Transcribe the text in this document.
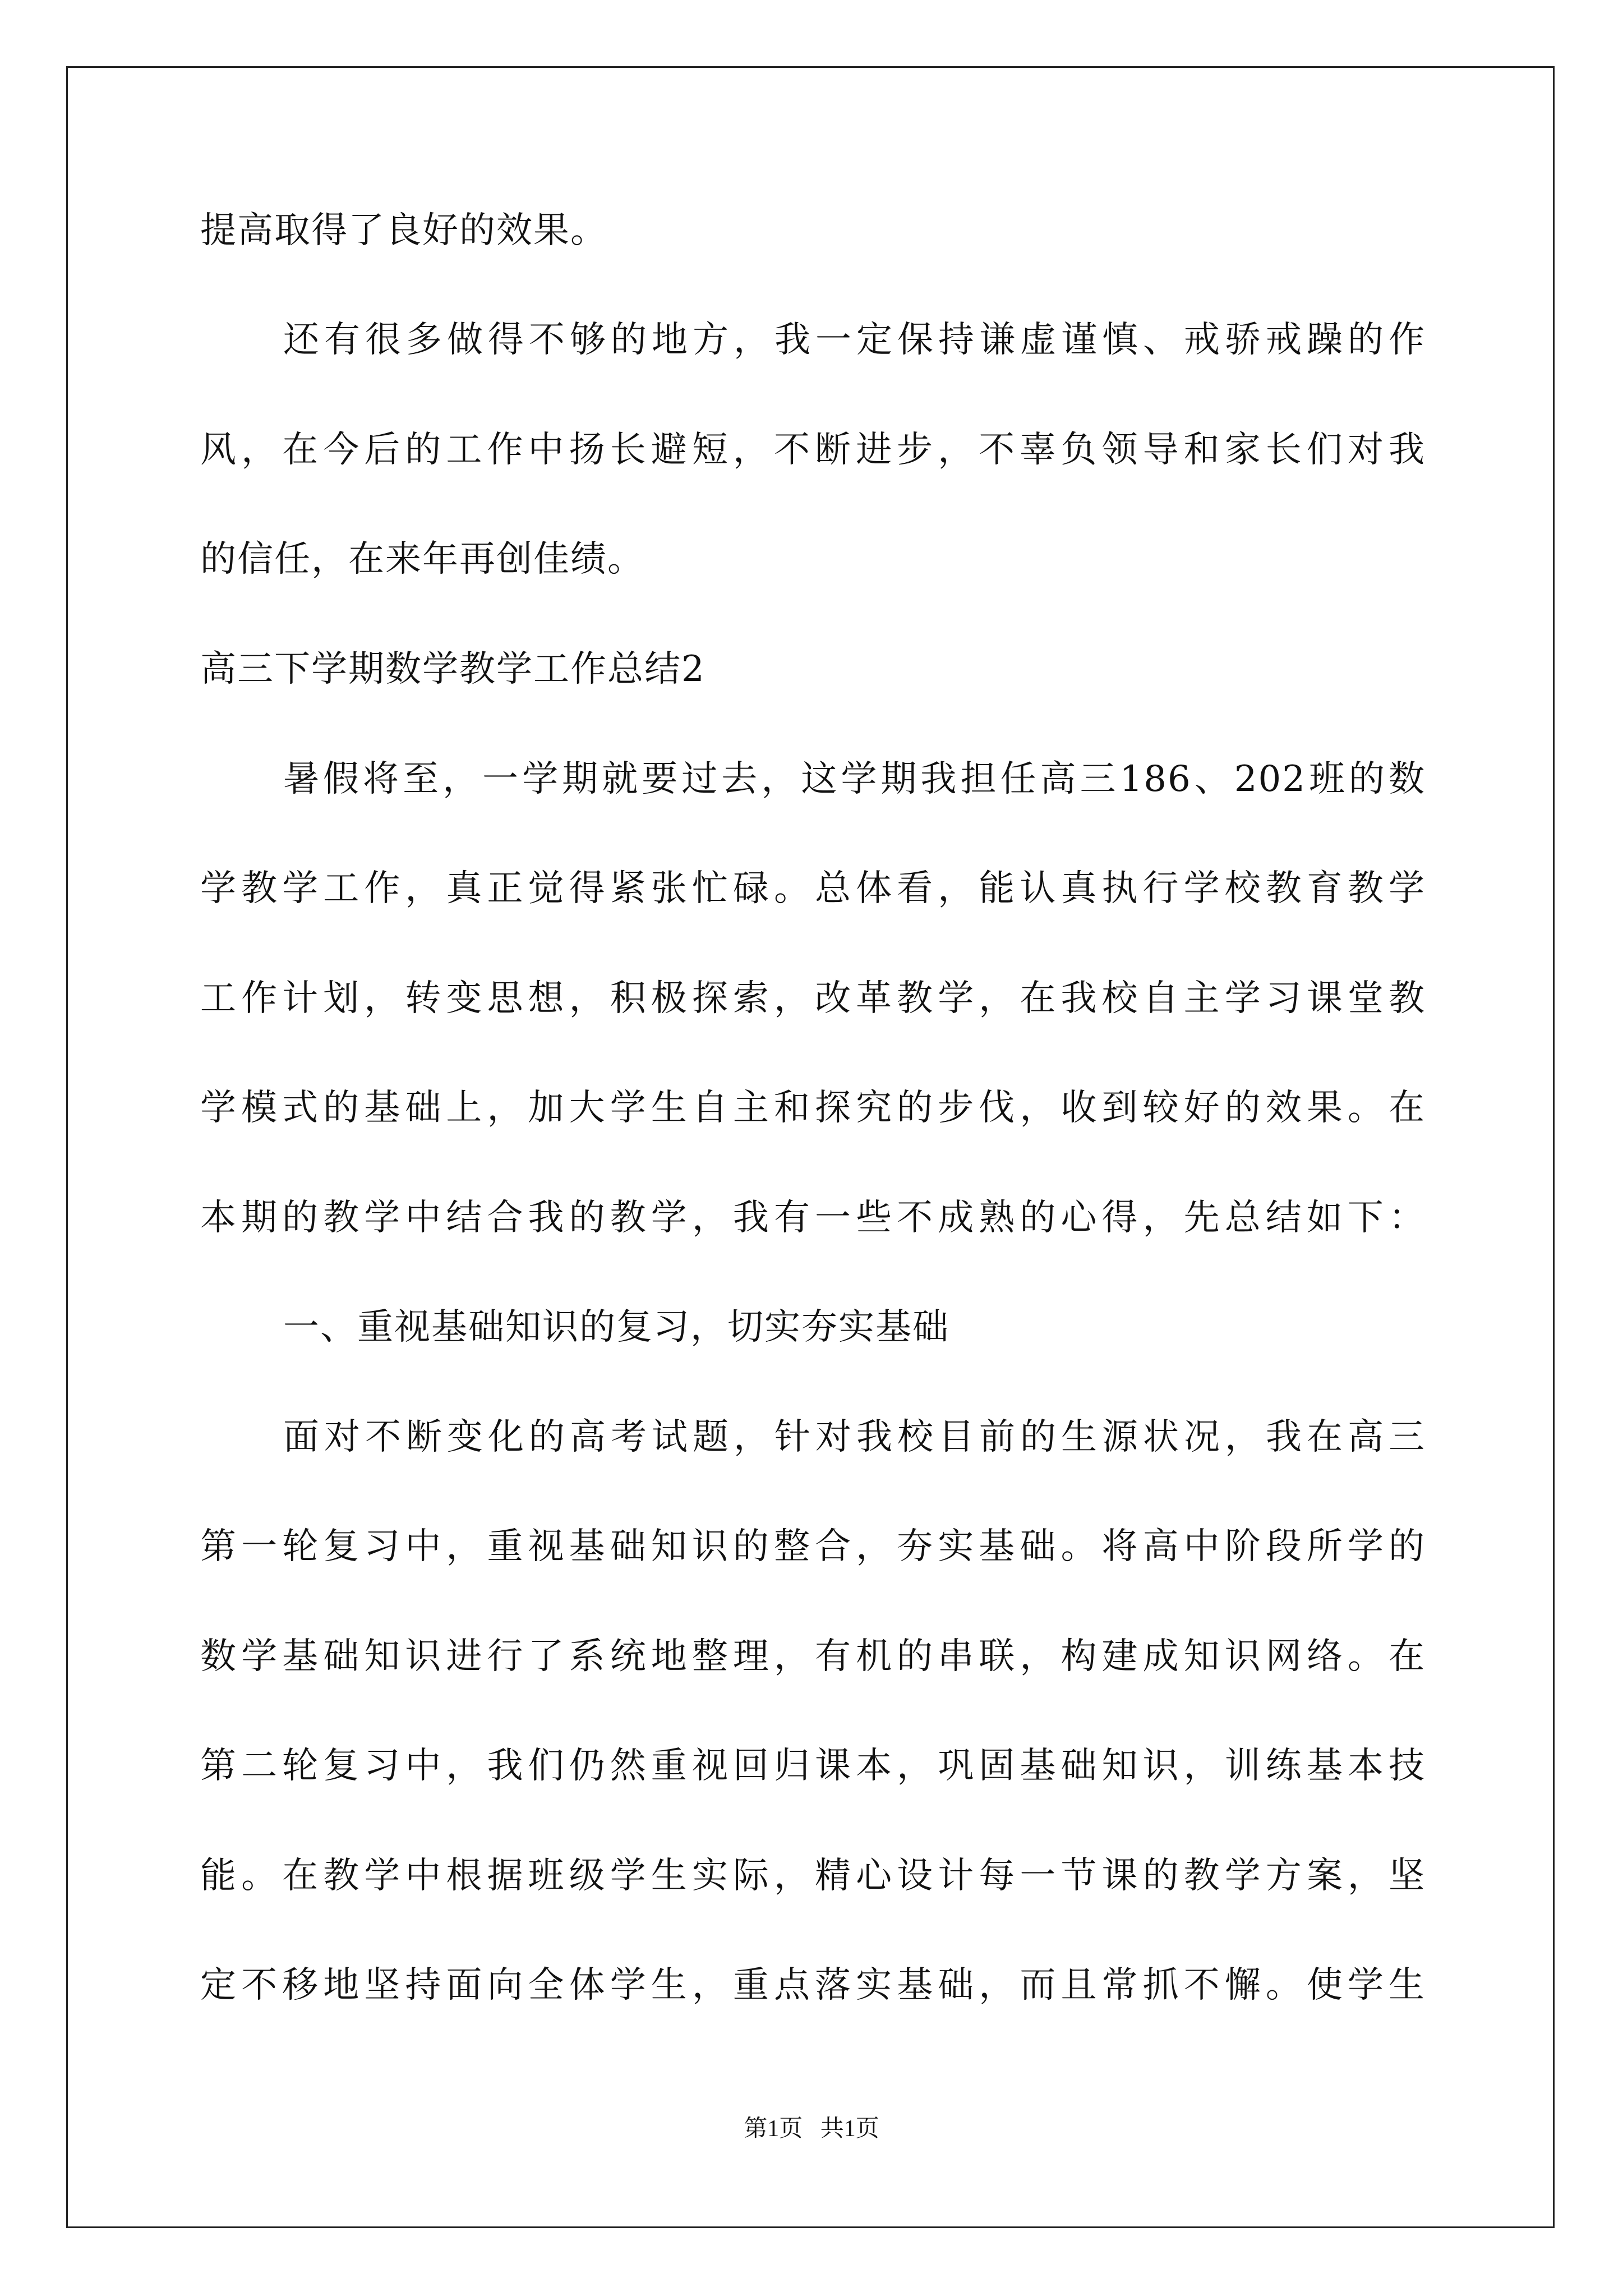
提高取得了良好的效果。

还有很多做得不够的地方，我一定保持谦虚谨慎、戒骄戒躁的作

风，在今后的工作中扬长避短，不断进步，不辜负领导和家长们对我

的信任，在来年再创佳绩。

高三下学期数学教学工作总结2

暑假将至，一学期就要过去，这学期我担任高三186、202班的数

学教学工作，真正觉得紧张忙碌。总体看，能认真执行学校教育教学

工作计划，转变思想，积极探索，改革教学，在我校自主学习课堂教

学模式的基础上，加大学生自主和探究的步伐，收到较好的效果。在

本期的教学中结合我的教学，我有一些不成熟的心得，先总结如下：

一、重视基础知识的复习，切实夯实基础

面对不断变化的高考试题，针对我校目前的生源状况，我在高三

第一轮复习中，重视基础知识的整合，夯实基础。将高中阶段所学的

数学基础知识进行了系统地整理，有机的串联，构建成知识网络。在

第二轮复习中，我们仍然重视回归课本，巩固基础知识，训练基本技

能。在教学中根据班级学生实际，精心设计每一节课的教学方案，坚

定不移地坚持面向全体学生，重点落实基础，而且常抓不懈。使学生

第1页   共1页
